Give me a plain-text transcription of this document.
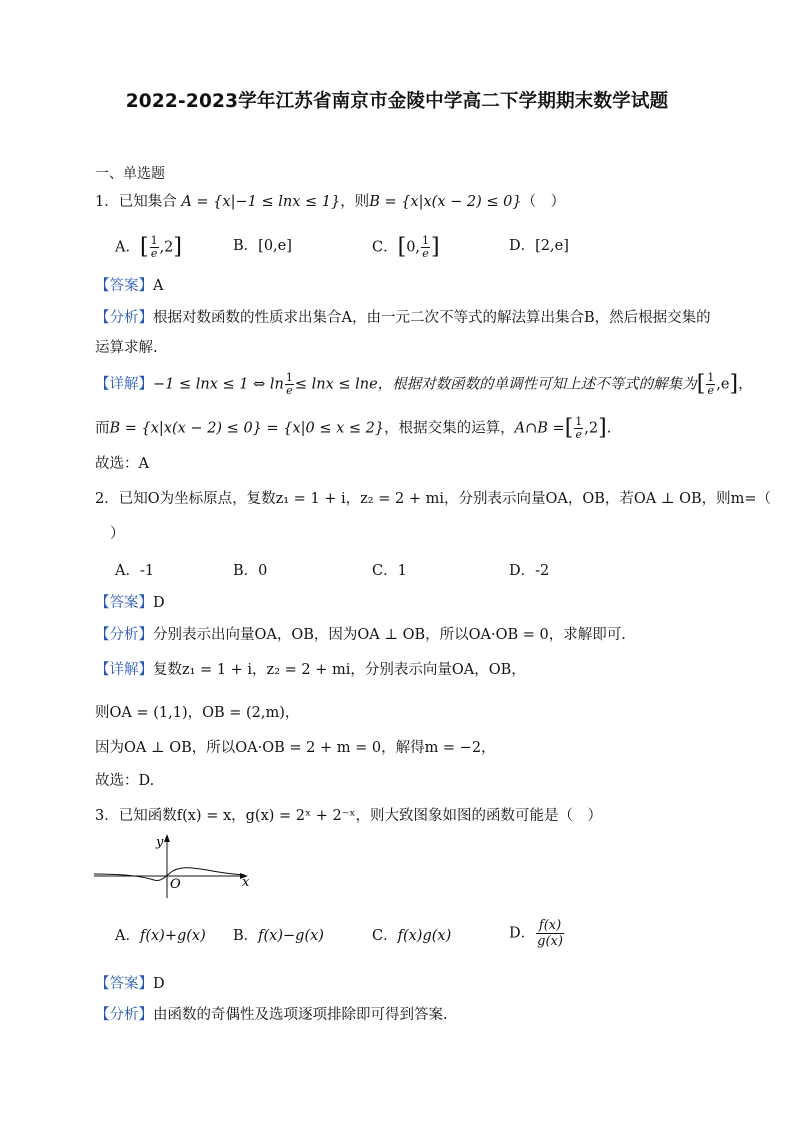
2022-2023学年江苏省南京市金陵中学高二下学期期末数学试题
一、单选题
1．已知集合 A = {x|−1 ≤ lnx ≤ 1}，则B = {x|x(x − 2) ≤ 0}（　）
A．[ $\frac{1}{e} ,2$]	B．[0,e]	C．[0, $\frac{1}{e}$ ]	D．[2,e]
【答案】A
【分析】根据对数函数的性质求出集合A，由一元二次不等式的解法算出集合B，然后根据交集的
运算求解.
【详解】−1 ≤ lnx ≤ 1 ⇔ $\ln \frac{1}{e} \le \ln x \le \ln e$，根据对数函数的单调性可知上述不等式的解集为[ $\frac{1}{e} ,e$]，
而B = {x|x(x − 2) ≤ 0} = {x|0 ≤ x ≤ 2}，根据交集的运算，A∩B =[ $\frac{1}{e} ,2$].
故选：A
2．已知O为坐标原点，复数z₁ = 1 + i，z₂ = 2 + mi，分别表示向量OA，OB，若OA ⊥ OB，则m=（
）
A．-1	B．0	C．1	D．-2
【答案】D
【分析】分别表示出向量OA，OB，因为OA ⊥ OB，所以OA·OB = 0，求解即可.
【详解】复数z₁ = 1 + i，z₂ = 2 + mi，分别表示向量OA，OB，
则OA = (1,1)，OB = (2,m)，
因为OA ⊥ OB，所以OA·OB = 2 + m = 0，解得m = −2，
故选：D.
3．已知函数f(x) = x，g(x) = 2ˣ + 2⁻ˣ，则大致图象如图的函数可能是（　）
y
x
O
A．f(x)+g(x) B．f(x)−g(x)	C．f(x)g(x)	D． $\frac{f(x)}{g(x)}$
【答案】D
【分析】由函数的奇偶性及选项逐项排除即可得到答案.
